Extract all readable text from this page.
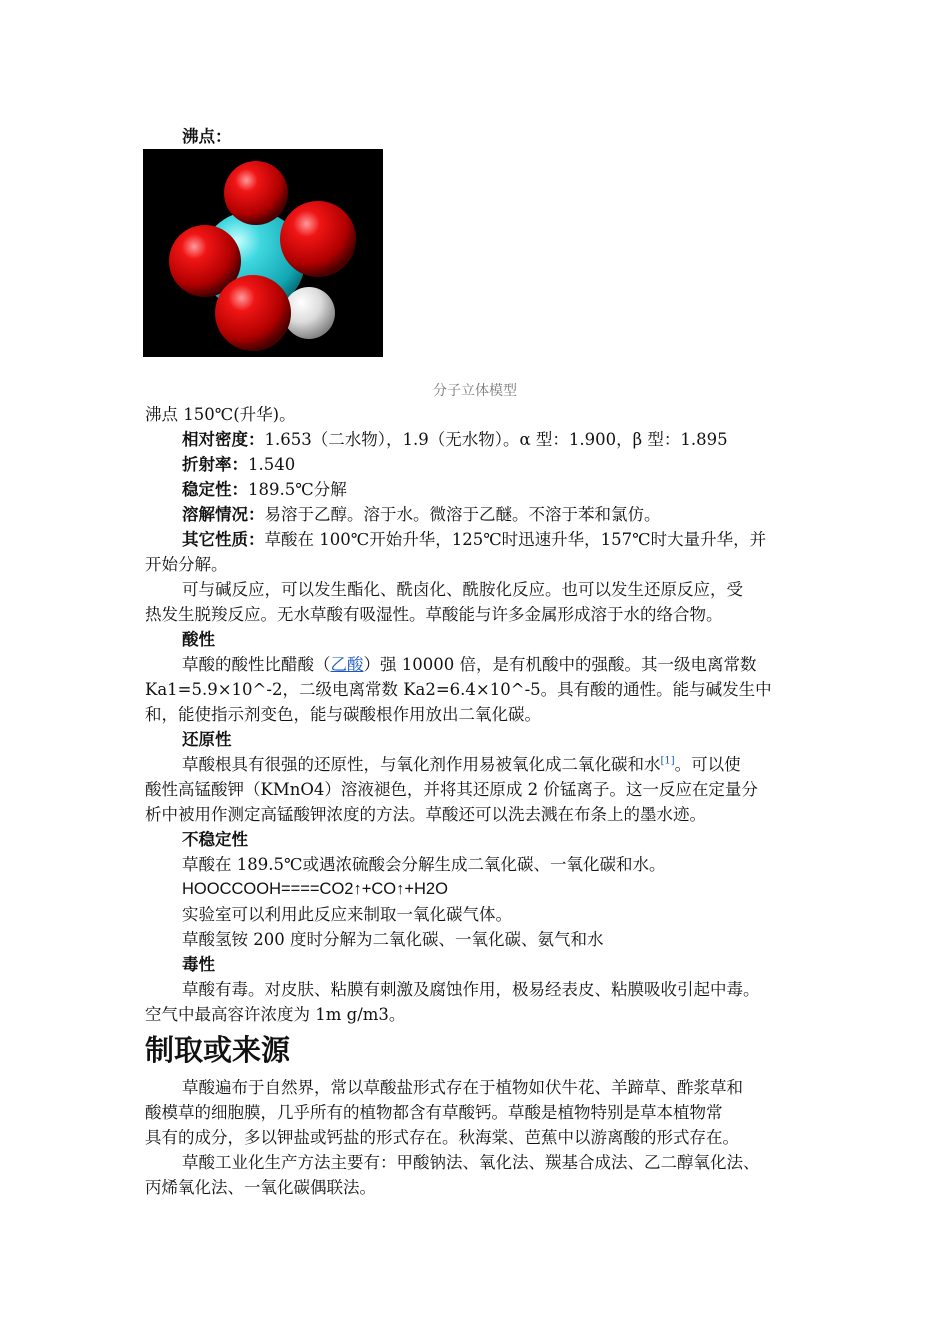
沸点：
分子立体模型
沸点 150℃(升华)。
相对密度：1.653（二水物），1.9（无水物）。α 型：1.900，β 型：1.895
折射率：1.540
稳定性：189.5℃分解
溶解情况：易溶于乙醇。溶于水。微溶于乙醚。不溶于苯和氯仿。
其它性质：草酸在 100℃开始升华，125℃时迅速升华，157℃时大量升华，并
开始分解。
可与碱反应，可以发生酯化、酰卤化、酰胺化反应。也可以发生还原反应，受
热发生脱羧反应。无水草酸有吸湿性。草酸能与许多金属形成溶于水的络合物。
酸性
草酸的酸性比醋酸（乙酸）强 10000 倍，是有机酸中的强酸。其一级电离常数
Ka1=5.9×10^-2，二级电离常数 Ka2=6.4×10^-5。具有酸的通性。能与碱发生中
和，能使指示剂变色，能与碳酸根作用放出二氧化碳。
还原性
草酸根具有很强的还原性，与氧化剂作用易被氧化成二氧化碳和水[1]。可以使
酸性高锰酸钾（KMnO4）溶液褪色，并将其还原成 2 价锰离子。这一反应在定量分
析中被用作测定高锰酸钾浓度的方法。草酸还可以洗去溅在布条上的墨水迹。
不稳定性
草酸在 189.5℃或遇浓硫酸会分解生成二氧化碳、一氧化碳和水。
HOOCCOOH====CO2↑+CO↑+H2O
实验室可以利用此反应来制取一氧化碳气体。
草酸氢铵 200 度时分解为二氧化碳、一氧化碳、氨气和水
毒性
草酸有毒。对皮肤、粘膜有刺激及腐蚀作用，极易经表皮、粘膜吸收引起中毒。
空气中最高容许浓度为 1m g/m3。
制取或来源
草酸遍布于自然界，常以草酸盐形式存在于植物如伏牛花、羊蹄草、酢浆草和
酸模草的细胞膜，几乎所有的植物都含有草酸钙。草酸是植物特别是草本植物常
具有的成分，多以钾盐或钙盐的形式存在。秋海棠、芭蕉中以游离酸的形式存在。
草酸工业化生产方法主要有：甲酸钠法、氧化法、羰基合成法、乙二醇氧化法、
丙烯氧化法、一氧化碳偶联法。
